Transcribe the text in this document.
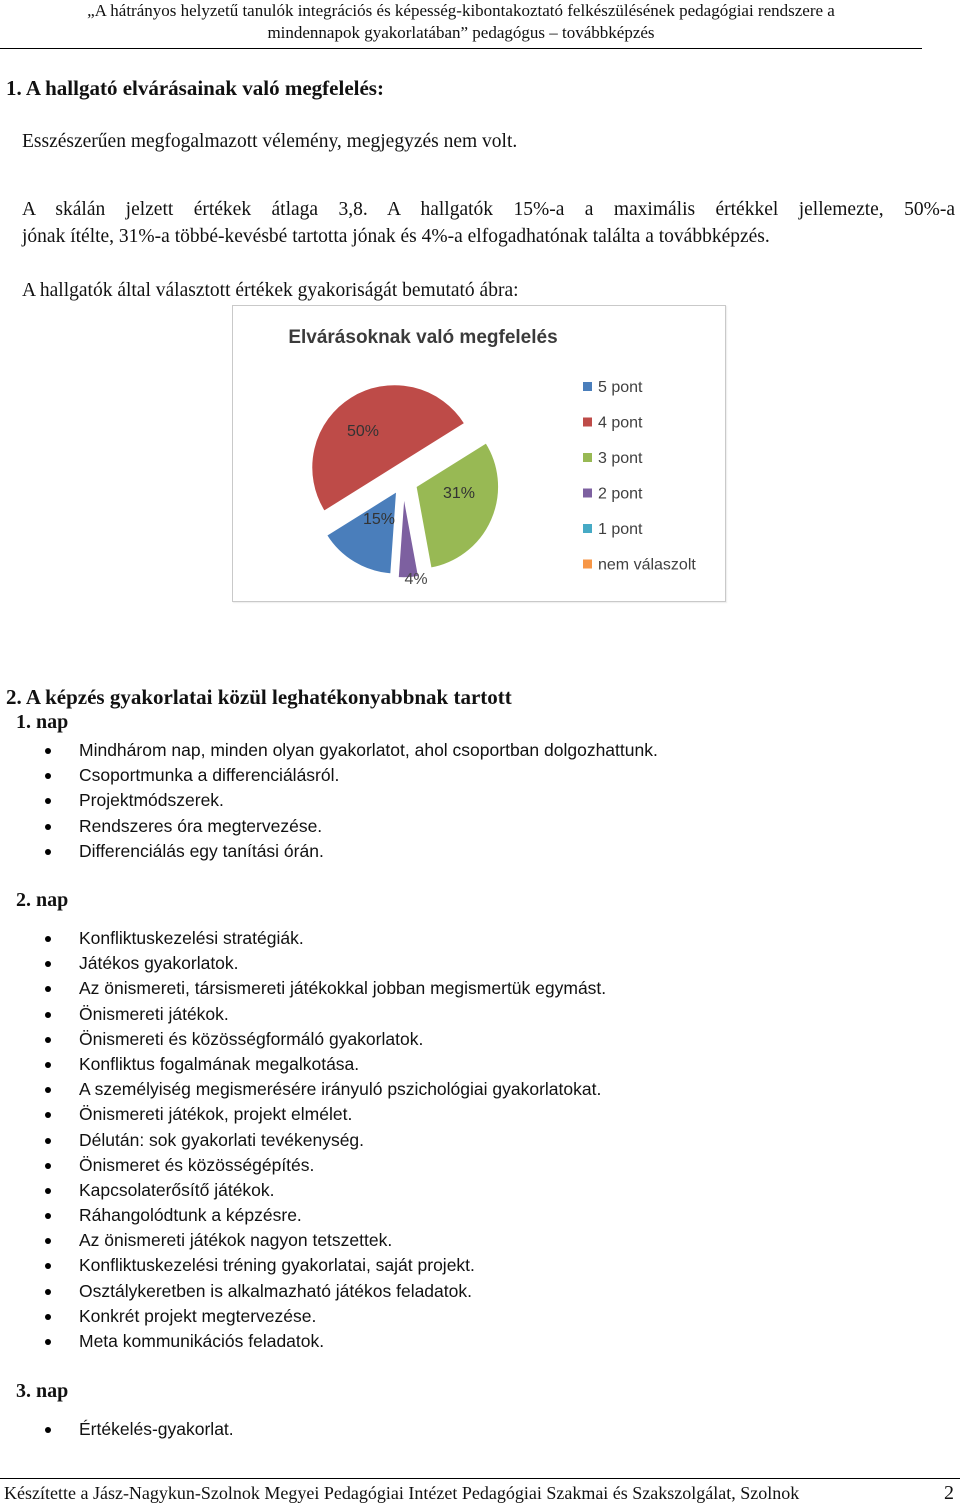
„A hátrányos helyzetű tanulók integrációs és képesség-kibontakoztató felkészülésének pedagógiai rendszere a
mindennapok gyakorlatában” pedagógus – továbbképzés
1. A hallgató elvárásainak való megfelelés:
Esszészerűen megfogalmazott vélemény, megjegyzés nem volt.
A skálán jelzett értékek átlaga 3,8. A hallgatók 15%-a a maximális értékkel jellemezte, 50%-a
jónak ítélte, 31%-a többé-kevésbé tartotta jónak és 4%-a elfogadhatónak találta a továbbképzés.
A hallgatók által választott értékek gyakoriságát bemutató ábra:
Elvárásoknak való megfelelés
15%
50%
31%
4%
5 pont
4 pont
3 pont
2 pont
1 pont
nem válaszolt
2. A képzés gyakorlatai közül leghatékonyabbnak tartott
1. nap
Mindhárom nap, minden olyan gyakorlatot, ahol csoportban dolgozhattunk.
Csoportmunka a differenciálásról.
Projektmódszerek.
Rendszeres óra megtervezése.
Differenciálás egy tanítási órán.
2. nap
Konfliktuskezelési stratégiák.
Játékos gyakorlatok.
Az önismereti, társismereti játékokkal jobban megismertük egymást.
Önismereti játékok.
Önismereti és közösségformáló gyakorlatok.
Konfliktus fogalmának megalkotása.
A személyiség megismerésére irányuló pszichológiai gyakorlatokat.
Önismereti játékok, projekt elmélet.
Délután: sok gyakorlati tevékenység.
Önismeret és közösségépítés.
Kapcsolaterősítő játékok.
Ráhangolódtunk a képzésre.
Az önismereti játékok nagyon tetszettek.
Konfliktuskezelési tréning gyakorlatai, saját projekt.
Osztálykeretben is alkalmazható játékos feladatok.
Konkrét projekt megtervezése.
Meta kommunikációs feladatok.
3. nap
Értékelés-gyakorlat.
Készítette a Jász-Nagykun-Szolnok Megyei Pedagógiai Intézet Pedagógiai Szakmai és Szakszolgálat, Szolnok	2
